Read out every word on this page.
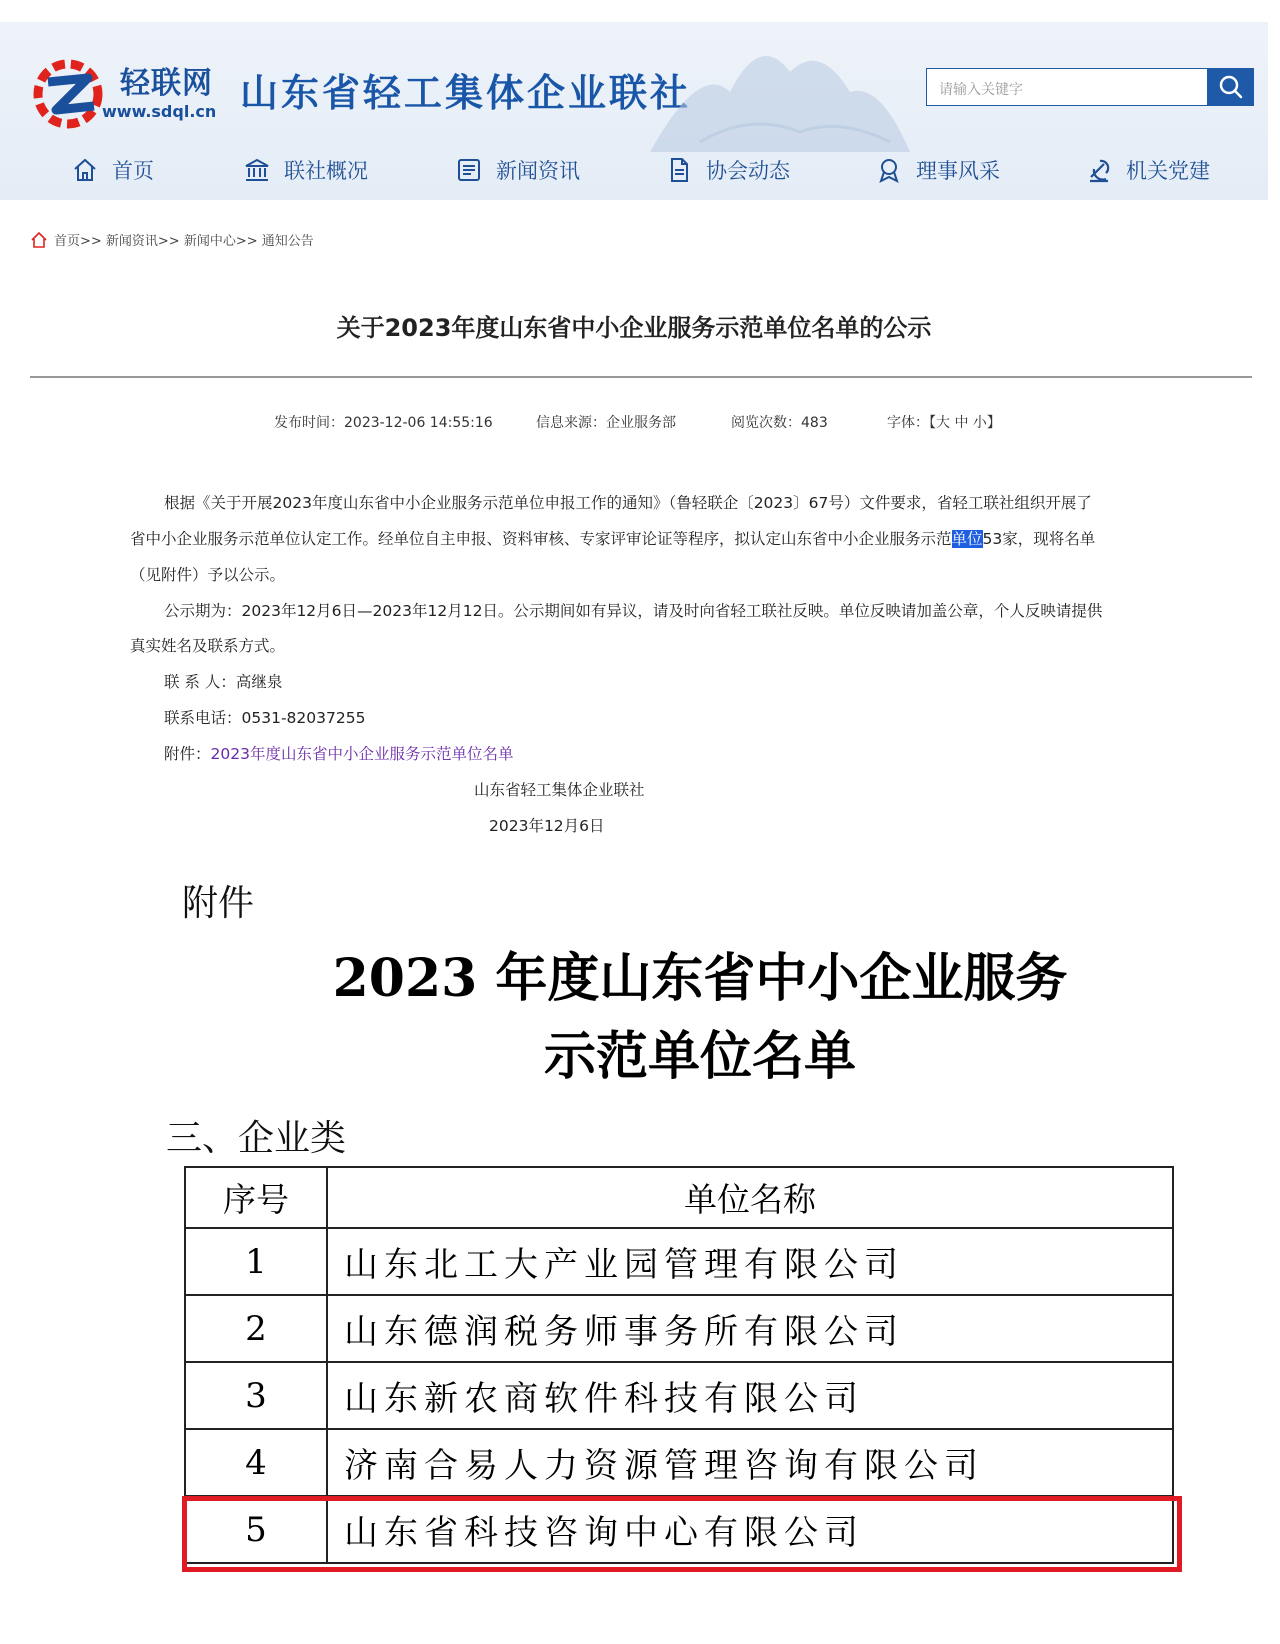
轻联网
www.sdql.cn 山东省轻工集体企业联社	请输入关键字
首页	联社概况	新闻资讯	协会动态	理事风采	机关党建
首页>> 新闻资讯>> 新闻中心>> 通知公告
关于2023年度山东省中小企业服务示范单位名单的公示
发布时间：2023-12-06 14:55:16	信息来源：企业服务部	阅览次数：483	字体：【大 中 小】
根据《关于开展2023年度山东省中小企业服务示范单位申报工作的通知》（鲁轻联企〔2023〕67号）文件要求，省轻工联社组织开展了
省中小企业服务示范单位认定工作。经单位自主申报、资料审核、专家评审论证等程序，拟认定山东省中小企业服务示范单位53家，现将名单
（见附件）予以公示。
公示期为：2023年12月6日—2023年12月12日。公示期间如有异议，请及时向省轻工联社反映。单位反映请加盖公章，个人反映请提供
真实姓名及联系方式。
联 系 人：高继泉
联系电话：0531-82037255
附件：2023年度山东省中小企业服务示范单位名单
山东省轻工集体企业联社
2023年12月6日
附件
2023 年度山东省中小企业服务
示范单位名单
三、企业类
序号	单位名称
1	山东北工大产业园管理有限公司
2	山东德润税务师事务所有限公司
3	山东新农商软件科技有限公司
4	济南合易人力资源管理咨询有限公司
5	山东省科技咨询中心有限公司
